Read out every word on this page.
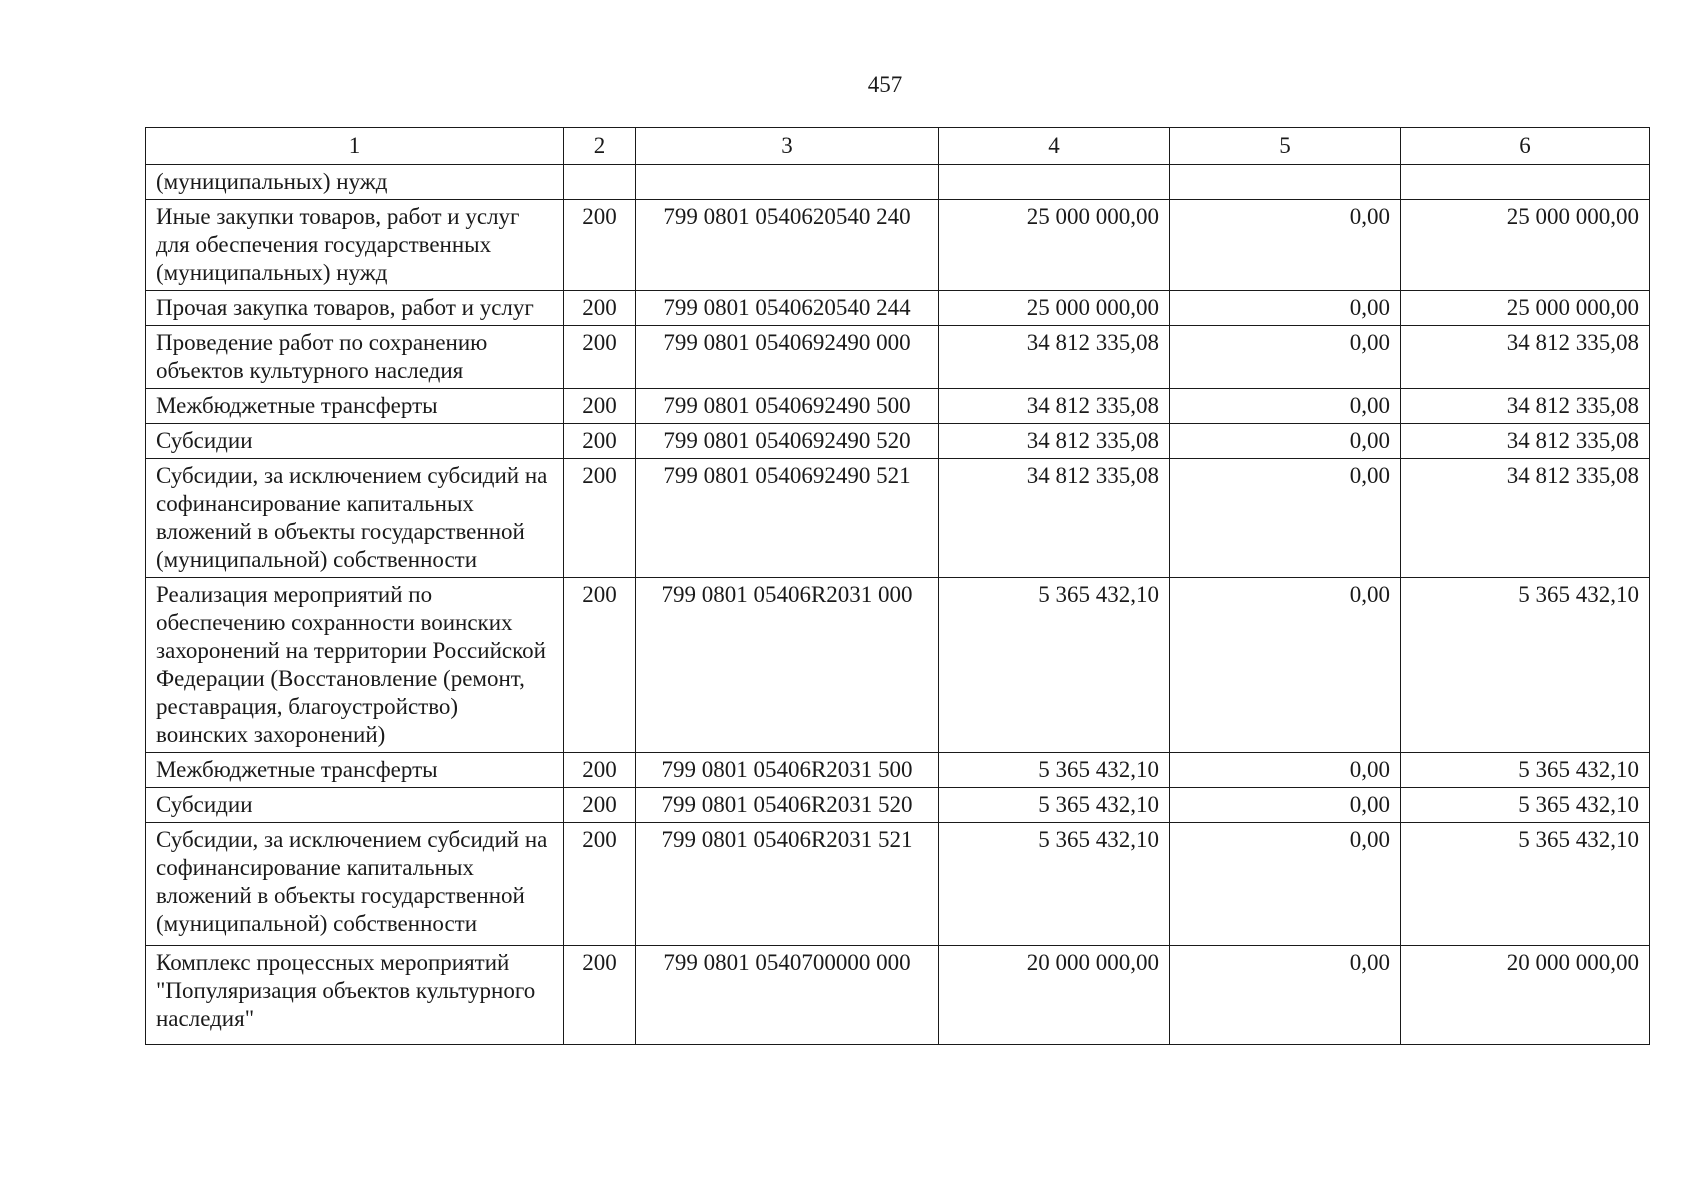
457
1	2	3	4	5	6
(муниципальных) нужд					
Иные закупки товаров, работ и услуг для обеспечения государственных (муниципальных) нужд	200	799 0801 0540620540 240	25 000 000,00	0,00	25 000 000,00
Прочая закупка товаров, работ и услуг	200	799 0801 0540620540 244	25 000 000,00	0,00	25 000 000,00
Проведение работ по сохранению объектов культурного наследия	200	799 0801 0540692490 000	34 812 335,08	0,00	34 812 335,08
Межбюджетные трансферты	200	799 0801 0540692490 500	34 812 335,08	0,00	34 812 335,08
Субсидии	200	799 0801 0540692490 520	34 812 335,08	0,00	34 812 335,08
Субсидии, за исключением субсидий на софинансирование капитальных вложений в объекты государственной (муниципальной) собственности	200	799 0801 0540692490 521	34 812 335,08	0,00	34 812 335,08
Реализация мероприятий по обеспечению сохранности воинских захоронений на территории Российской Федерации (Восстановление (ремонт, реставрация, благоустройство) воинских захоронений)	200	799 0801 05406R2031 000	5 365 432,10	0,00	5 365 432,10
Межбюджетные трансферты	200	799 0801 05406R2031 500	5 365 432,10	0,00	5 365 432,10
Субсидии	200	799 0801 05406R2031 520	5 365 432,10	0,00	5 365 432,10
Субсидии, за исключением субсидий на софинансирование капитальных вложений в объекты государственной (муниципальной) собственности	200	799 0801 05406R2031 521	5 365 432,10	0,00	5 365 432,10
Комплекс процессных мероприятий "Популяризация объектов культурного наследия"	200	799 0801 0540700000 000	20 000 000,00	0,00	20 000 000,00
